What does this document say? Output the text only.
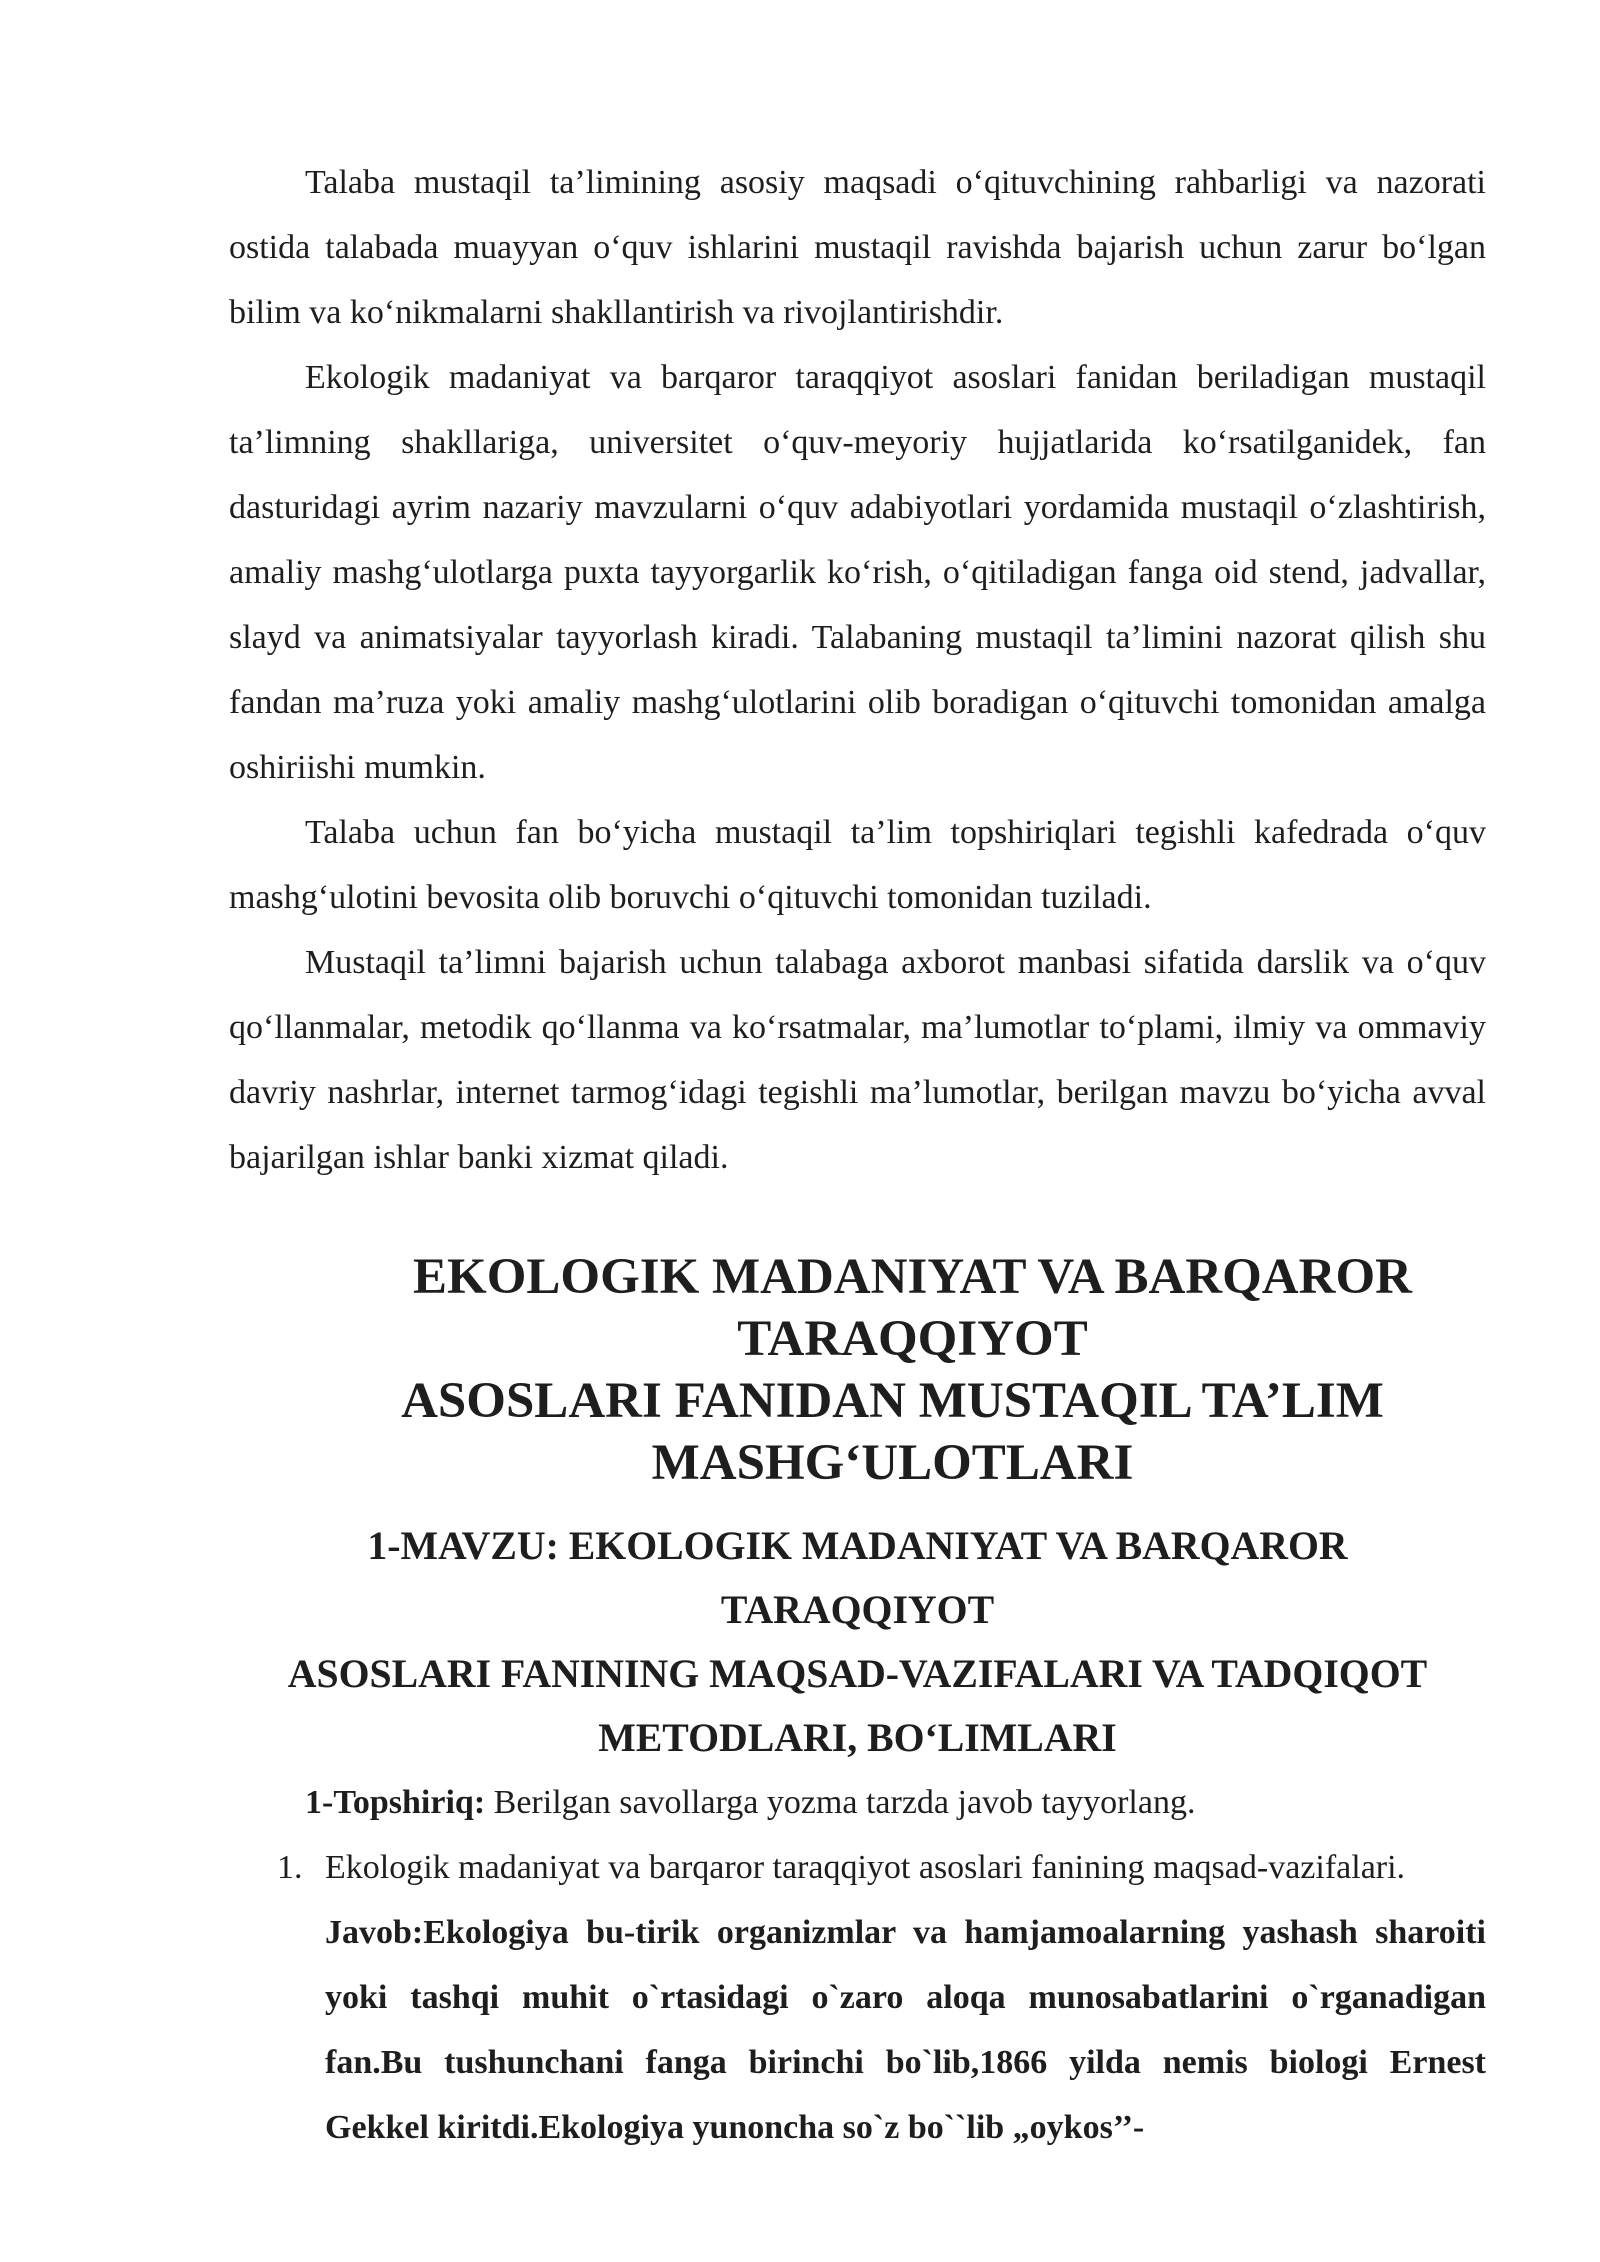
Talaba mustaqil ta’limining asosiy maqsadi o‘qituvchining rahbarligi va nazorati ostida talabada muayyan o‘quv ishlarini mustaqil ravishda bajarish uchun zarur bo‘lgan bilim va ko‘nikmalarni shakllantirish va rivojlantirishdir.

Ekologik madaniyat va barqaror taraqqiyot asoslari fanidan beriladigan mustaqil ta’limning shakllariga, universitet o‘quv-meyoriy hujjatlarida ko‘rsatilganidek, fan dasturidagi ayrim nazariy mavzularni o‘quv adabiyotlari yordamida mustaqil o‘zlashtirish, amaliy mashg‘ulotlarga puxta tayyorgarlik ko‘rish, o‘qitiladigan fanga oid stend, jadvallar, slayd va animatsiyalar tayyorlash kiradi. Talabaning mustaqil ta’limini nazorat qilish shu fandan ma’ruza yoki amaliy mashg‘ulotlarini olib boradigan o‘qituvchi tomonidan amalga oshiriishi mumkin.

Talaba uchun fan bo‘yicha mustaqil ta’lim topshiriqlari tegishli kafedrada o‘quv mashg‘ulotini bevosita olib boruvchi o‘qituvchi tomonidan tuziladi.

Mustaqil ta’limni bajarish uchun talabaga axborot manbasi sifatida darslik va o‘quv qo‘llanmalar, metodik qo‘llanma va ko‘rsatmalar, ma’lumotlar to‘plami, ilmiy va ommaviy davriy nashrlar, internet tarmog‘idagi tegishli ma’lumotlar, berilgan mavzu bo‘yicha avval bajarilgan ishlar banki xizmat qiladi.

EKOLOGIK MADANIYAT VA BARQAROR TARAQQIYOT
ASOSLARI FANIDAN MUSTAQIL TA’LIM MASHG‘ULOTLARI
1-MAVZU: EKOLOGIK MADANIYAT VA BARQAROR TARAQQIYOT
ASOSLARI FANINING MAQSAD-VAZIFALARI VA TADQIQOT
METODLARI, BO‘LIMLARI

1-Topshiriq: Berilgan savollarga yozma tarzda javob tayyorlang.

1. Ekologik madaniyat va barqaror taraqqiyot asoslari fanining maqsad-vazifalari.

Javob:Ekologiya bu-tirik organizmlar va hamjamoalarning yashash sharoiti yoki tashqi muhit o`rtasidagi o`zaro aloqa munosabatlarini o`rganadigan fan.Bu tushunchani fanga birinchi bo`lib,1866 yilda nemis biologi Ernest Gekkel kiritdi.Ekologiya yunoncha so`z bo``lib „oykos’’-
